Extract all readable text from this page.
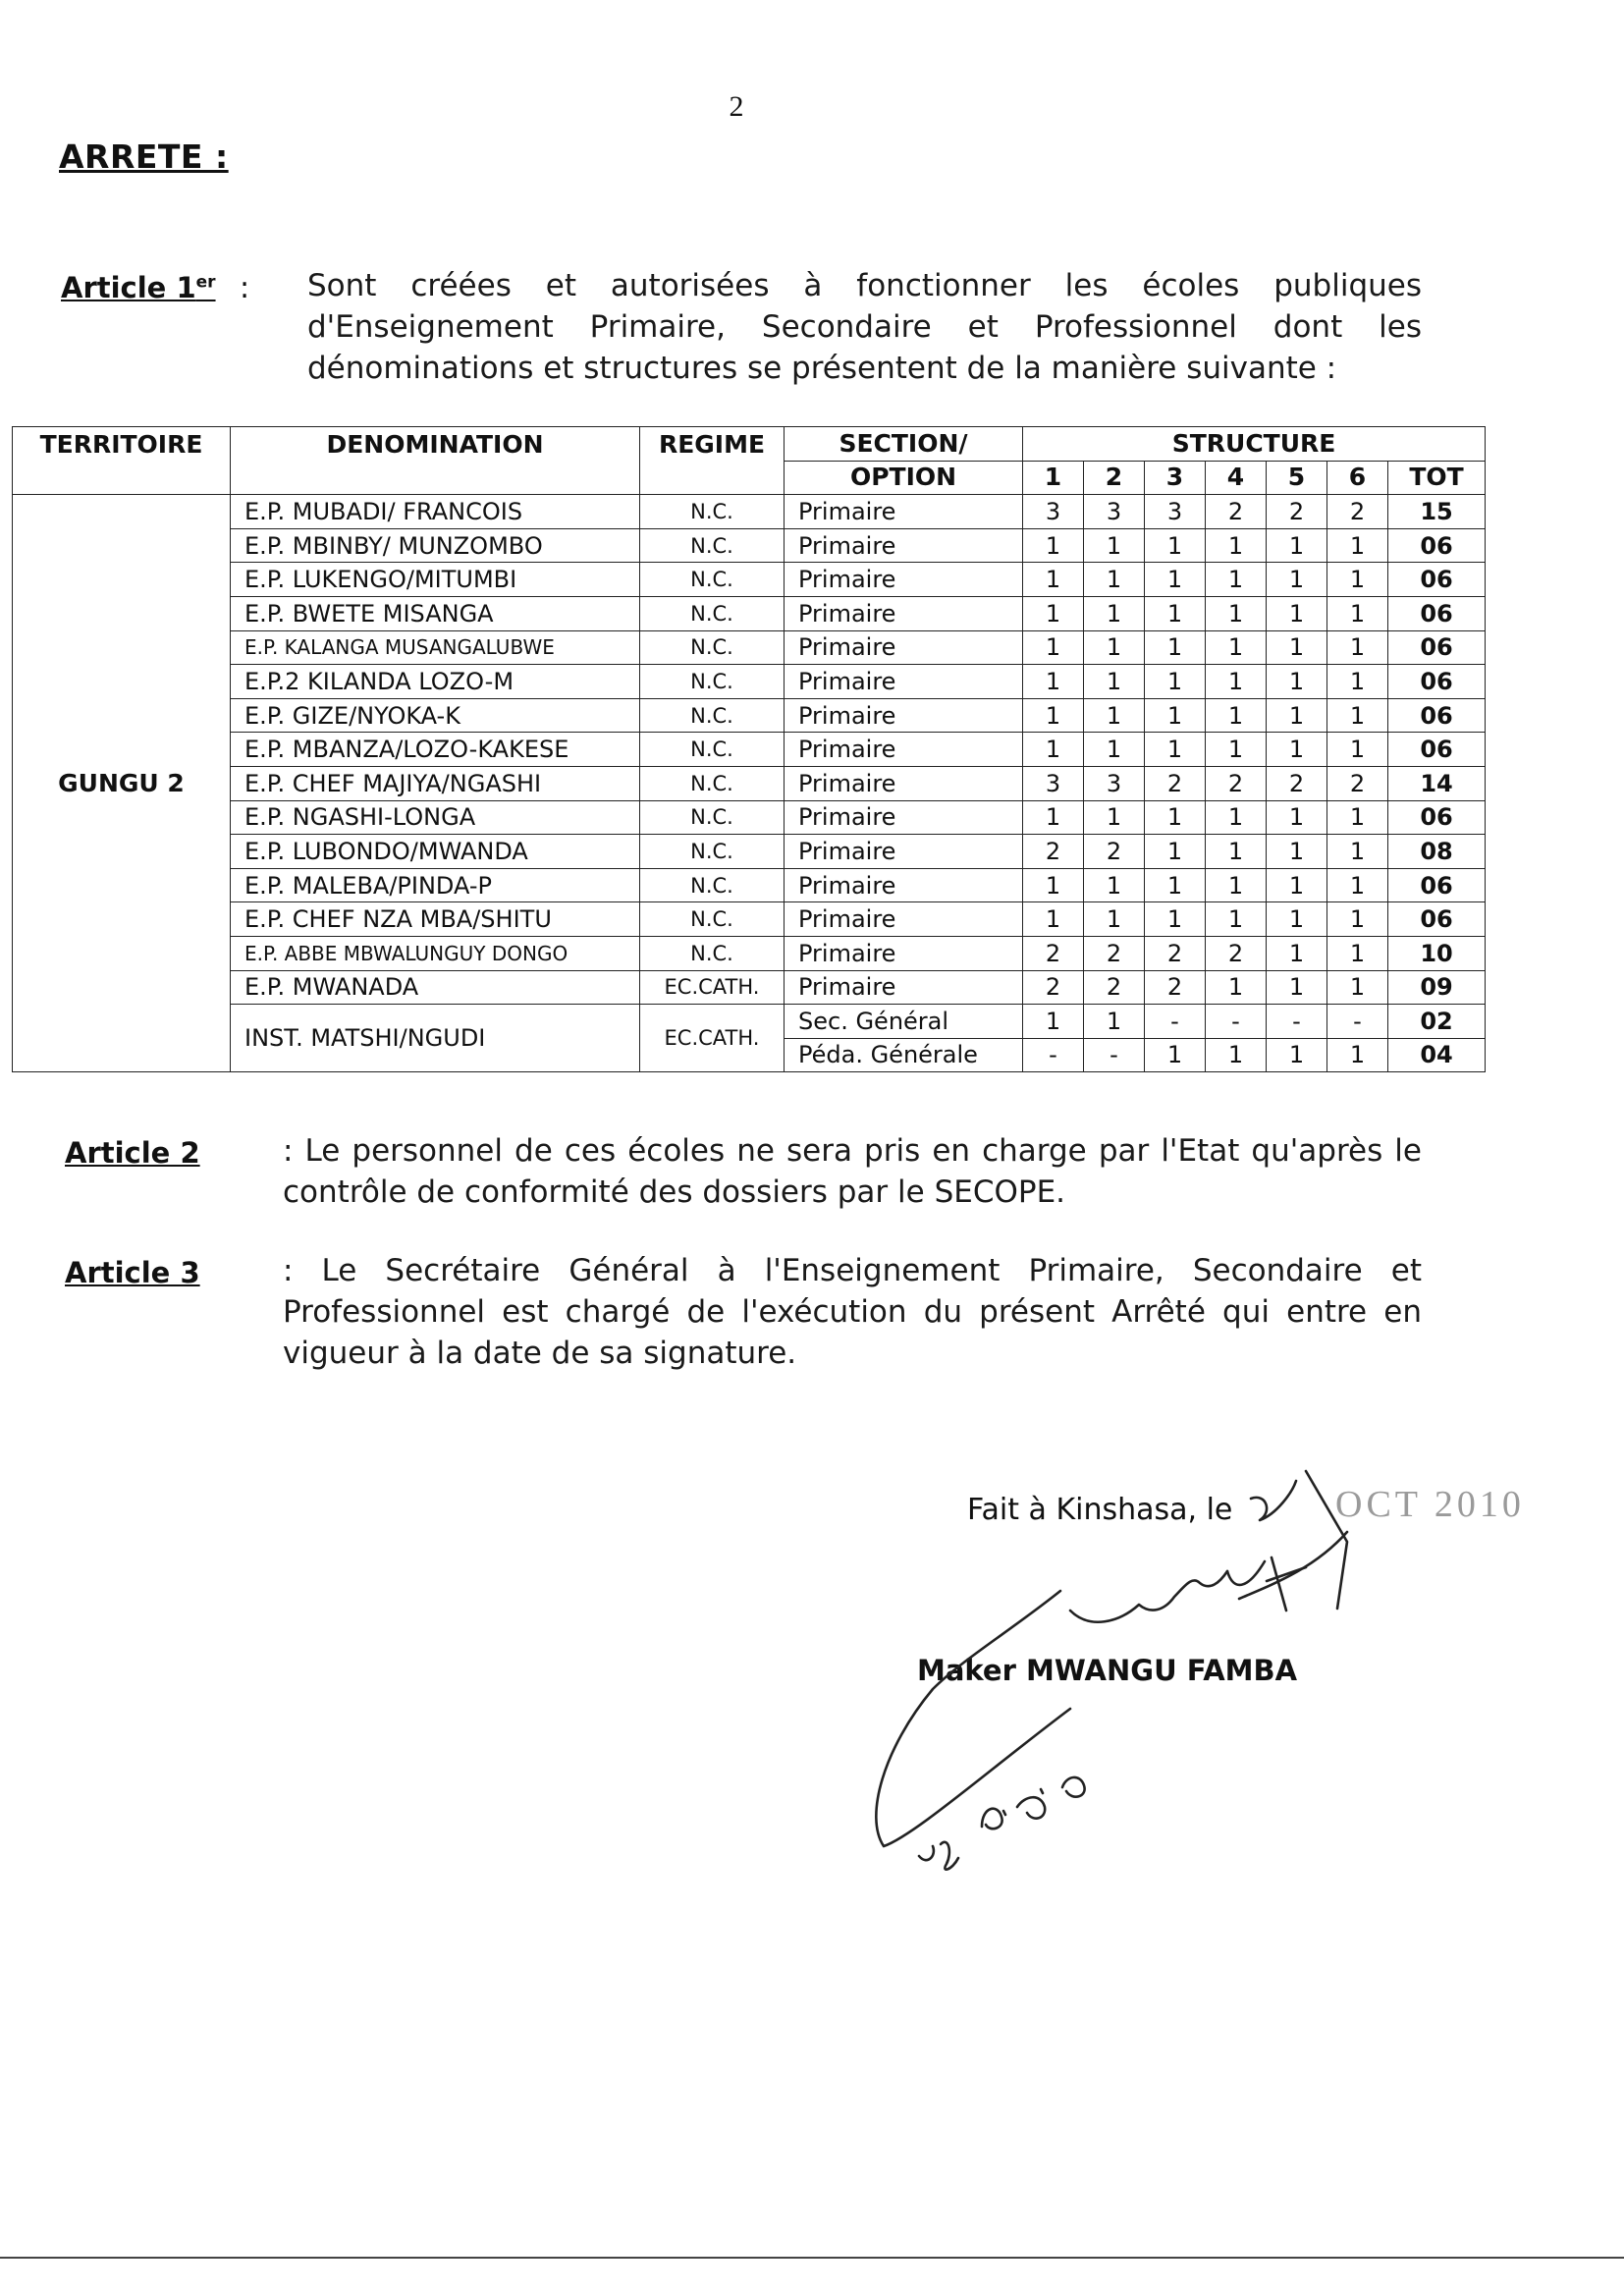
2
ARRETE :
Article 1er : Sont créées et autorisées à fonctionner les écoles publiques d'Enseignement Primaire, Secondaire et Professionnel dont les dénominations et structures se présentent de la manière suivante :
TERRITOIRE	DENOMINATION	REGIME	SECTION/	STRUCTURE						
			OPTION	1	2	3	4	5	6	TOT
GUNGU 2	E.P. MUBADI/ FRANCOIS	N.C.	Primaire	3	3	3	2	2	2	15
	E.P. MBINBY/ MUNZOMBO	N.C.	Primaire	1	1	1	1	1	1	06
	E.P. LUKENGO/MITUMBI	N.C.	Primaire	1	1	1	1	1	1	06
	E.P. BWETE MISANGA	N.C.	Primaire	1	1	1	1	1	1	06
	E.P. KALANGA MUSANGALUBWE	N.C.	Primaire	1	1	1	1	1	1	06
	E.P.2 KILANDA LOZO-M	N.C.	Primaire	1	1	1	1	1	1	06
	E.P. GIZE/NYOKA-K	N.C.	Primaire	1	1	1	1	1	1	06
	E.P. MBANZA/LOZO-KAKESE	N.C.	Primaire	1	1	1	1	1	1	06
	E.P. CHEF MAJIYA/NGASHI	N.C.	Primaire	3	3	2	2	2	2	14
	E.P. NGASHI-LONGA	N.C.	Primaire	1	1	1	1	1	1	06
	E.P. LUBONDO/MWANDA	N.C.	Primaire	2	2	1	1	1	1	08
	E.P. MALEBA/PINDA-P	N.C.	Primaire	1	1	1	1	1	1	06
	E.P. CHEF NZA MBA/SHITU	N.C.	Primaire	1	1	1	1	1	1	06
	E.P. ABBE MBWALUNGUY DONGO	N.C.	Primaire	2	2	2	2	1	1	10
	E.P. MWANADA	EC.CATH.	Primaire	2	2	2	1	1	1	09
	INST. MATSHI/NGUDI	EC.CATH.	Sec. Général	1	1	-	-	-	-	02
			Péda. Générale	-	-	1	1	1	1	04
Article 2	: Le personnel de ces écoles ne sera pris en charge par l'Etat qu'après le contrôle de conformité des dossiers par le SECOPE.
Article 3	: Le Secrétaire Général à l'Enseignement Primaire, Secondaire et Professionnel est chargé de l'exécution du présent Arrêté qui entre en vigueur à la date de sa signature.
Fait à Kinshasa, le	OCT 2010
Maker MWANGU FAMBA
